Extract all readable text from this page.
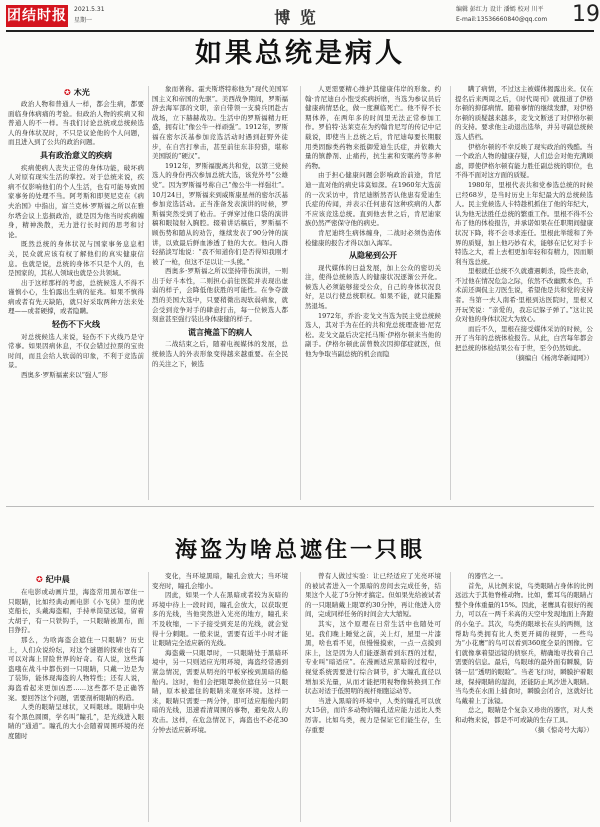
团结时报 2021.5.31
星期一	博 览	编辑 彭红力 设计 潘嫣 校对 川平
E-mail:13536660840@qq.com 19
如果总统是病人
✪ 木光

政治人物和普通人一样，都会生病，都要面临身体病痛的考验。但政治人物的疾病又和普通人的不一样。当我们讨论总统或总统候选人的身体状况时，不只是议论他的个人问题，而且进入到了公共的政治问题。

具有政治意义的疾病

疾病使病人丧失正常的身体功能，破坏病人对原有现实生活的掌控。对于总统来说，疾病不仅影响他们的个人生活，也有可能导致国家事务的处理不当。阿考斯和即契尼克在《病夫治国》中指出，富兰克林·罗斯福之所以在雅尔塔会议上恣损政治，就是因为他当时疾病缠身，精神涣散，无力进行长时间的思考和讨论。

既然总统的身体状况与国家事务息息相关，民众就应该有权了解他们的真实健康信息。也就是说，总统的身体不只是个人的，也是国家的，其私人领域也就是公共领域。

出于这样那样的考虑，总统候选人不得不谨慎小心，生怕露出生病的征兆。如果不慎得病或者有先天缺陷，就只好采取两种方法来处理——或者硬撑，或者隐瞒。

轻伤不下火线

对总统候选人来说，轻伤不下火线乃是守常事。如果因病休息，不仅会错过拉票的宝贵时间，而且会给人软弱的印象，不利于竞选前景。

西奥多·罗斯福素来以“强人”形

象而著称。霍夫斯塔特称他为“现代美国军国主义和帝国的先驱”。美西战争期间，罗斯福辞去海军部的文职，亲自带领一支骑兵团赴古战场，立下赫赫战功。生活中的罗斯福精力旺盛，拥有让“像公牛一样顽强”。1912年，罗斯福在密尔沃基参加竞选活动时遇到赶野外徒步，在自宫打拳击，甚至前往东非狩猎，堪称美国版的“硬汉”。

1912年，罗斯福脱离共和党，以第三党候选人的身份再次参加总统大选，该党外号“公雄党”。因为罗斯福号称自己“像公牛一样强壮”。10月24日，罗斯福来到威斯康星州的密尔沃基参加竞选活动。正当准备发表演讲的时候，罗斯福突然受到了枪击。子弹穿过他口袋的演讲稿和眼镜射入胸腔。辍着讲话稿后，罗斯福不顾伤势和随从的劝告，继续发表了90分钟的演讲，以致最后鲜血渗透了他的大衣。他向人群轻描淡写地说：“我不知道你们是否得知我刚才被了一枪，但这不足以让一头熊。”

西奥多·罗斯福之所以坚持带伤演讲，一则出于好斗本性，二则担心前往医院并表现出虚弱的样子，会降低他获胜的可能性。在争夺激烈的美国大选中，只要稍微出现软弱病象，就会受到竞争对手的肆意打击，每一位候选人都刻意甚至强行装出身体康健的样子。

谎言掩盖下的病人

二战结束之后，随着电视媒体的发展，总统候选人的外表形象变得越来越重要。在全民的关注之下，候选

人更需要精心维护其健康伟岸的形象。约翰·肯尼迪白小饱受疾病折磨，当选为参议员后健康病情恶化，做一度濒临死亡。他不得不长期体养，在两年多的时间里无法正常参加工作。罗伯特·达莱克在为约翰肯尼写的传记中记载说，即使当上总统之后，肯尼迪每要长期服用类固醇类药物来抵御爱迪生氏症，并依赖大量的镇静剂、止痛药，抗生素和安眠药等多种药物。

由于担心健康问题会影响政治前途，肯尼迪一直对他的病史讳莫如深。在1960年大选前的一次采访中，肯尼迪断然否认他患有爱迪生氏症的传闻，并表示任何患有这种疾病的人都不应该竞选总统。直到他去世之后，肯尼迪家族仍然严密保守他的病史。

肯尼迪终生病体缠身，二战时必须伪造体检健康的报告才得以加入海军。

从隐秘到公开

现代媒体的日益发展，加上公众的密切关注，使得总统候选人的健康状况逐渐公开化。候选人必须能够接受公众，自己的身体状况良好，足以行使总统职权。如果不能，就只能黯然退场。

1972年，乔治·麦戈文当选为民主党总统候选人，其对手为在任的共和党总统理查德·尼克松。麦戈文最后决定托马斯·伊格尔顿来当他的副手。伊格尔顿此前曾数次因抑郁症就医，但他为争取当副总统的机会而隐

瞒了病情，不过这主被媒体揭露出来。仅在提名后来两周之后，《时代周刊》就报道了伊格尔顿的抑郁病情。随着事情的继续发酵，对伊格尔顿的质疑越来越多，麦戈文断送了对伊格尔顿的支持。要求他主动退出选举，并另寻副总统候选人搭档。

伊格尔顿的不幸反映了现实政治的残酷。当一个政治人物的健康存疑，人们总会对他充满顾虑，即使伊格尔顿有能力胜任副总统的职位，也不得不面对这方面的质疑。

1980年，里根代表共和党参选总统的时候已经68岁，是当时历史上年纪最大的总统候选人。民主党候选人卡特趁机抓住了他的年纪大，认为他无法胜任总统的繁重工作。里根不得不公布了他的体检报告，并承诺如果在任职期间健康状况下降，将不会寻求连任。里根此举缓和了外界的质疑，加上他巧妙有术，能够在记忆对手卡特选之大，看上去相更加年轻和有精力，因而顺利当选总统。

里根就任总统不久就遭遇刺杀，险些丧命，不过他在情况危急之际，依然不改幽默本色，手术前还调侃主刀医生说，希望他是共和党的支持者。当第一夫人南希·里根到达医院时，里根又开玩笑说：“亲爱的，我忘记躲子弹了。”这让民众对他的身体状况大为放心。

而后不久，里根在接受媒体采访的时候，公开了当年的总统体检报告。从此，白宫每年都会把总统的体检结果公布于世，至今仍然如此。

（摘编自《杨湾华新闻网》）

海盗为啥总遮住一只眼
✪ 纪中晨

在电影或动画片里，海盗常用黑布罩住一只眼睛，比如经典动画电影《小飞侠》里的虎克船长，头戴海盗帽，手持单筒望远镜，留着大胡子，有一只铁钩手，一只眼睛被黑布，面目狰狞。

那么，为啥海盗会遮住一只眼睛？历史上，人们众说纷纭，对这个谜题的探索也有了可以对海上冒险世界的好奇。有人说，这些海盗哦在战斗中都伤到一只眼睛，只戴一边是为了装饰，能体现海盗的人物特性；还有人说，海盗看起来更加凶恶……这些都不是正确答案。要回答这个问题，需要剖析眼睛的构造。

人类的眼睛呈球状，又叫眼球。眼睛中央有个黑色圆圈，学名叫“瞳孔”，是光线进入眼睛的“通道”。瞳孔的大小会随着周围环境的亮度随时

变化，当环境黑暗，瞳孔会放大；当环境变亮时，瞳孔会缩小。

因此，如果一个人在黑暗或者较为灰暗的环境中待上一段时间，瞳孔会放大，以获取更多的光线，当他突然进入光亮的地方，瞳孔来不及收缩，一下子接受到充足的光线，就会觉得十分刺眼。一般来说，需要有近半小时才能让眼睛完全适应新的光线。

海盗戴一只眼罩时，一只眼睛处于黑暗环境中，另一只则适应光明环境，海盗经常遇到紧急情况，需要从明亮的甲板穿梭到黑暗的船舱内。这时，他们会把眼罩换位遮住另一只眼睛，原本被遮住的眼睛来观察环境。这样一来，眼睛只需要一两分钟，即可适应船舱内阴暗的光线，迅速看清周围的事物，避免敌人的攻击。这样，在危急情况下，海盗也不必花30分钟去适应新环境。

曾有人做过实验：让已经适应了光亮环境的被试者进入一个黑暗的房间去完成任务，结果这个人花了5分钟才搞定。但如果先给被试者的一只眼睛戴上眼罩约30分钟，再让他进入房间，完成同样任务的时间会大大缩短。

其实，这个原理在日常生活中也随处可见。我们晚上睡觉之前，关上灯，屋里一片漆黑，啥也看不见，但慢慢摸索，一点一点摸到床上，这是因为人们能逐渐看到东西的过程，专业叫“暗适应”。在漫画适应黑暗的过程中，视觉系统需要进行综合调节，扩大瞳孔直径以增加采光量，从而才能把明视物像转换到工作状态对适于低照明的视杆细胞运动等。

当进入黑暗的环境中，人类的瞳孔可以放大15倍，而许多动物的瞳孔适应能力远比人类厉害。比如鸟类，视力是保证它们能生存，生存重要

的器官之一。

首先，从比例来说，鸟类眼睛占身体的比例远远大于其他脊椎动物。比如，紫耳鸟的眼睛占整个身体重量的15%。因此，老鹰具有很好的视力，可以在一两千米高的天空中发现地面上奔跑的小兔子。其次，鸟类的眼球长在头的两侧，这帮助鸟类拥有比人类更开阔的视野，一些鸟为“小花鹰”的鸟可以看到360度全景的图像。它们就像拿着望远镜的侦察兵，精确地寻找着自己需要的信息。最后，鸟眼球的最外面有瞬膜，防锈一层“透明的眼睑”。当老飞行时，瞬膜护着眼球，保持眼睛的湿润，还能防止风沙进入眼睛。当鸟类在水面上捕食时，瞬膜会闭合，这就好比鸟戴着上了泳镜。

总之，眼睛是个复杂又珍贵的器官，对人类和动物来说，都是不可或缺的生存工具。

（摘《惊奇号大海》）
